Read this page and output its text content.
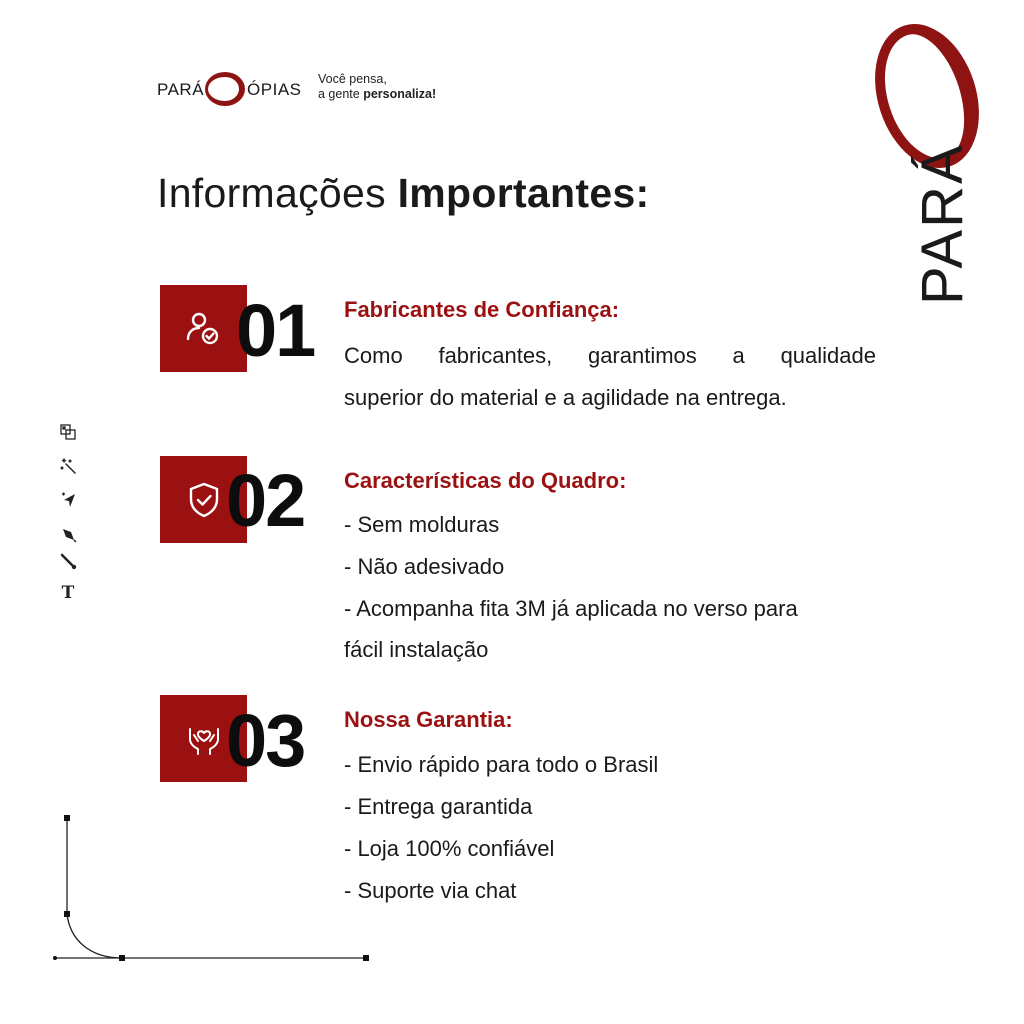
PARÁ	ÓPIAS
Você pensa,
a gente personaliza!
PARÁ
Informações Importantes:
01 Fabricantes de Confiança:
Como fabricantes, garantimos a qualidade
superior do material e a agilidade na entrega.
02 Características do Quadro:
- Sem molduras
- Não adesivado
- Acompanha fita 3M já aplicada no verso para
fácil instalação
03 Nossa Garantia:
- Envio rápido para todo o Brasil
- Entrega garantida
- Loja 100% confiável
- Suporte via chat
T
